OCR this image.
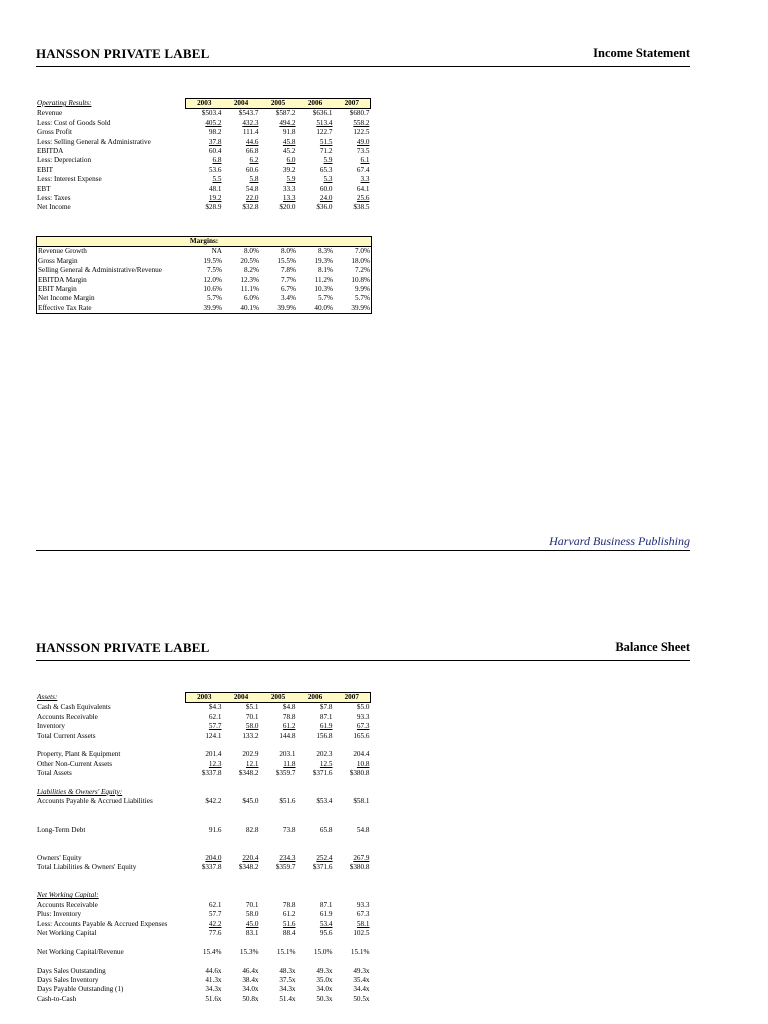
HANSSON PRIVATE LABEL	Income Statement
Operating Results:	2003	2004	2005	2006	2007
Revenue	$503.4	$543.7	$587.2	$636.1	$680.7
Less: Cost of Goods Sold	405.2	432.3	494.2	513.4	558.2
Gross Profit	98.2	111.4	91.8	122.7	122.5
Less: Selling General & Administrative	37.8	44.6	45.8	51.5	49.0
EBITDA	60.4	66.8	45.2	71.2	73.5
Less: Depreciation	6.8	6.2	6.0	5.9	6.1
EBIT	53.6	60.6	39.2	65.3	67.4
Less: Interest Expense	5.5	5.8	5.9	5.3	3.3
EBT	48.1	54.8	33.3	60.0	64.1
Less: Taxes	19.2	22.0	13.3	24.0	25.6
Net Income	$28.9	$32.8	$20.0	$36.0	$38.5
Margins:					
Revenue Growth	NA	8.0%	8.0%	8.3%	7.0%
Gross Margin	19.5%	20.5%	15.5%	19.3%	18.0%
Selling General & Administrative/Revenue	7.5%	8.2%	7.8%	8.1%	7.2%
EBITDA Margin	12.0%	12.3%	7.7%	11.2%	10.8%
EBIT Margin	10.6%	11.1%	6.7%	10.3%	9.9%
Net Income Margin	5.7%	6.0%	3.4%	5.7%	5.7%
Effective Tax Rate	39.9%	40.1%	39.9%	40.0%	39.9%
Harvard Business Publishing
HANSSON PRIVATE LABEL	Balance Sheet
Assets:	2003	2004	2005	2006	2007
Cash & Cash Equivalents	$4.3	$5.1	$4.8	$7.8	$5.0
Accounts Receivable	62.1	70.1	78.8	87.1	93.3
Inventory	57.7	58.0	61.2	61.9	67.3
Total Current Assets	124.1	133.2	144.8	156.8	165.6

Property, Plant & Equipment	201.4	202.9	203.1	202.3	204.4
Other Non-Current Assets	12.3	12.1	11.8	12.5	10.8
Total Assets	$337.8	$348.2	$359.7	$371.6	$380.8

Liabilities & Owners' Equity:					
Accounts Payable & Accrued Liabilities	$42.2	$45.0	$51.6	$53.4	$58.1

Long-Term Debt	91.6	82.8	73.8	65.8	54.8

Owners' Equity	204.0	220.4	234.3	252.4	267.9
Total Liabilities & Owners' Equity	$337.8	$348.2	$359.7	$371.6	$380.8

Net Working Capital:					
Accounts Receivable	62.1	70.1	78.8	87.1	93.3
Plus: Inventory	57.7	58.0	61.2	61.9	67.3
Less: Accounts Payable & Accrued Expenses	42.2	45.0	51.6	53.4	58.1
Net Working Capital	77.6	83.1	88.4	95.6	102.5

Net Working Capital/Revenue	15.4%	15.3%	15.1%	15.0%	15.1%

Days Sales Outstanding	44.6x	46.4x	48.3x	49.3x	49.3x
Days Sales Inventory	41.3x	38.4x	37.5x	35.0x	35.4x
Days Payable Outstanding (1)	34.3x	34.0x	34.3x	34.0x	34.4x
Cash-to-Cash	51.6x	50.8x	51.4x	50.3x	50.5x
